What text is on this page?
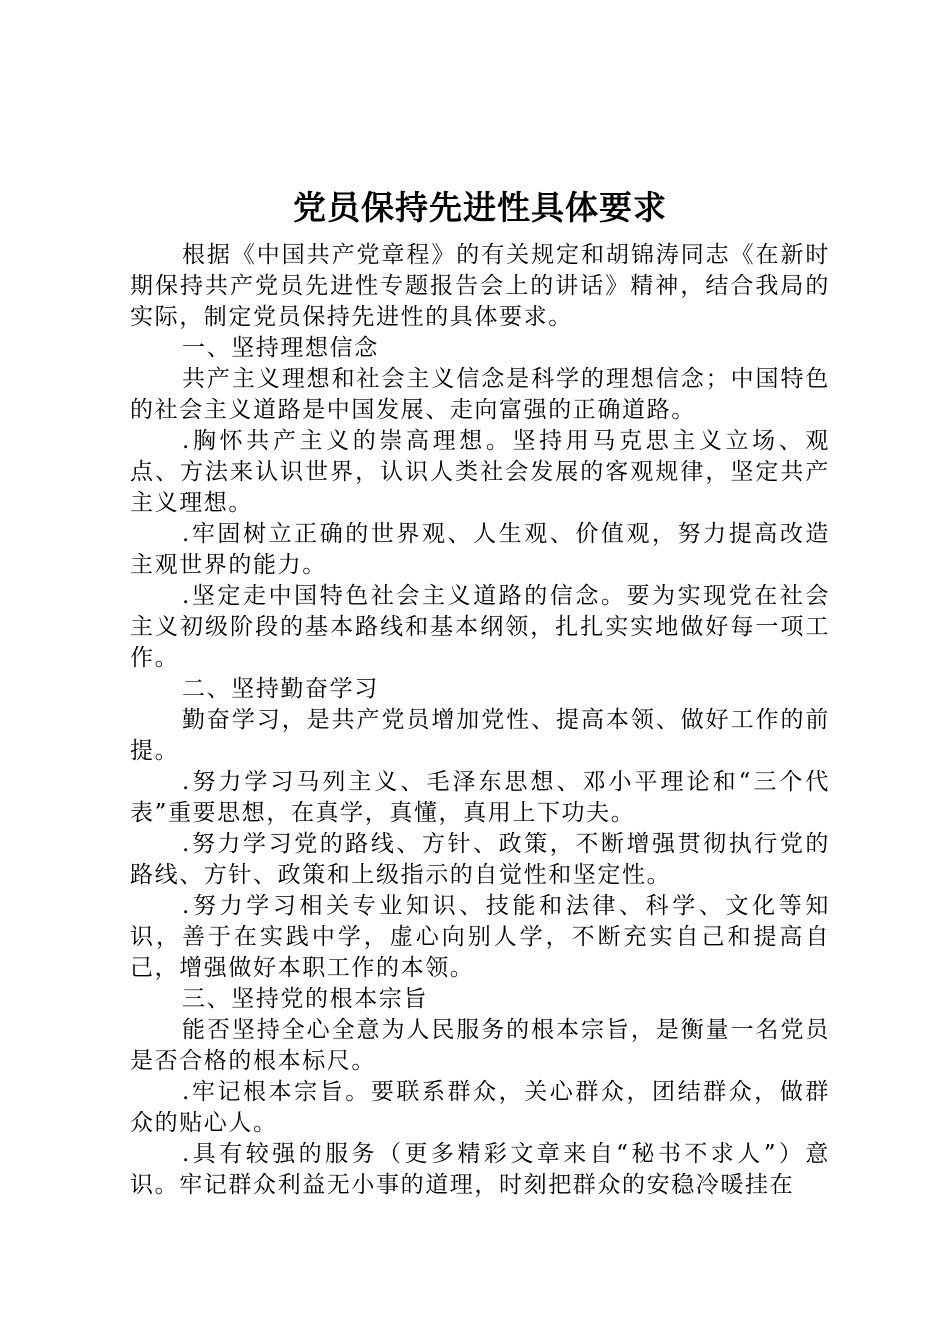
党员保持先进性具体要求

根据《中国共产党章程》的有关规定和胡锦涛同志《在新时期保持共产党员先进性专题报告会上的讲话》精神，结合我局的实际，制定党员保持先进性的具体要求。

一、坚持理想信念

共产主义理想和社会主义信念是科学的理想信念；中国特色的社会主义道路是中国发展、走向富强的正确道路。

.胸怀共产主义的崇高理想。坚持用马克思主义立场、观点、方法来认识世界，认识人类社会发展的客观规律，坚定共产主义理想。

.牢固树立正确的世界观、人生观、价值观，努力提高改造主观世界的能力。

.坚定走中国特色社会主义道路的信念。要为实现党在社会主义初级阶段的基本路线和基本纲领，扎扎实实地做好每一项工作。

二、坚持勤奋学习

勤奋学习，是共产党员增加党性、提高本领、做好工作的前提。

.努力学习马列主义、毛泽东思想、邓小平理论和“三个代表”重要思想，在真学，真懂，真用上下功夫。

.努力学习党的路线、方针、政策，不断增强贯彻执行党的路线、方针、政策和上级指示的自觉性和坚定性。

.努力学习相关专业知识、技能和法律、科学、文化等知识，善于在实践中学，虚心向别人学，不断充实自己和提高自己，增强做好本职工作的本领。

三、坚持党的根本宗旨

能否坚持全心全意为人民服务的根本宗旨，是衡量一名党员是否合格的根本标尺。

.牢记根本宗旨。要联系群众，关心群众，团结群众，做群众的贴心人。

.具有较强的服务（更多精彩文章来自“秘书不求人”）意识。牢记群众利益无小事的道理，时刻把群众的安稳冷暖挂在
